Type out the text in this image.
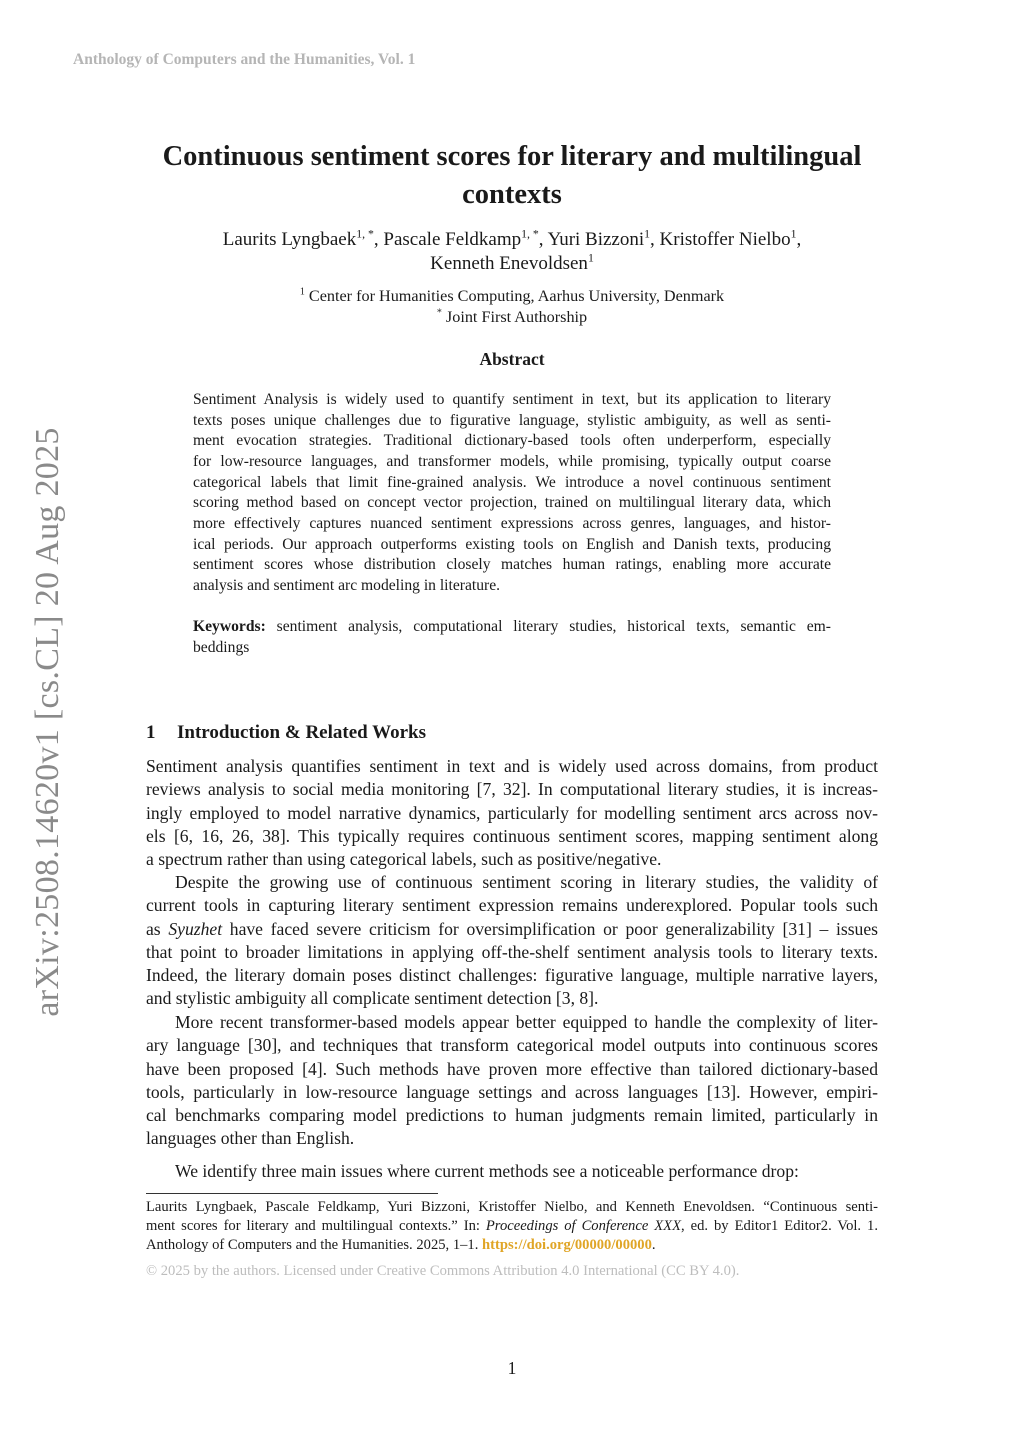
Anthology of Computers and the Humanities, Vol. 1
arXiv:2508.14620v1 [cs.CL] 20 Aug 2025
Continuous sentiment scores for literary and multilingual
contexts
Laurits Lyngbaek$^{1, *}$, Pascale Feldkamp$^{1, *}$, Yuri Bizzoni$^1$, Kristoffer Nielbo$^1$,
Kenneth Enevoldsen$^1$
$^1$ Center for Humanities Computing, Aarhus University, Denmark
* Joint First Authorship
Abstract
Sentiment Analysis is widely used to quantify sentiment in text, but its application to literary
texts poses unique challenges due to figurative language, stylistic ambiguity, as well as senti-
ment evocation strategies. Traditional dictionary-based tools often underperform, especially
for low-resource languages, and transformer models, while promising, typically output coarse
categorical labels that limit fine-grained analysis. We introduce a novel continuous sentiment
scoring method based on concept vector projection, trained on multilingual literary data, which
more effectively captures nuanced sentiment expressions across genres, languages, and histor-
ical periods. Our approach outperforms existing tools on English and Danish texts, producing
sentiment scores whose distribution closely matches human ratings, enabling more accurate
analysis and sentiment arc modeling in literature.
Keywords: sentiment analysis, computational literary studies, historical texts, semantic em-
beddings
1 Introduction & Related Works
Sentiment analysis quantifies sentiment in text and is widely used across domains, from product
reviews analysis to social media monitoring [7, 32]. In computational literary studies, it is increas-
ingly employed to model narrative dynamics, particularly for modelling sentiment arcs across nov-
els [6, 16, 26, 38]. This typically requires continuous sentiment scores, mapping sentiment along
a spectrum rather than using categorical labels, such as positive/negative.
Despite the growing use of continuous sentiment scoring in literary studies, the validity of
current tools in capturing literary sentiment expression remains underexplored. Popular tools such
as Syuzhet have faced severe criticism for oversimplification or poor generalizability [31] – issues
that point to broader limitations in applying off-the-shelf sentiment analysis tools to literary texts.
Indeed, the literary domain poses distinct challenges: figurative language, multiple narrative layers,
and stylistic ambiguity all complicate sentiment detection [3, 8].
More recent transformer-based models appear better equipped to handle the complexity of liter-
ary language [30], and techniques that transform categorical model outputs into continuous scores
have been proposed [4]. Such methods have proven more effective than tailored dictionary-based
tools, particularly in low-resource language settings and across languages [13]. However, empiri-
cal benchmarks comparing model predictions to human judgments remain limited, particularly in
languages other than English.
We identify three main issues where current methods see a noticeable performance drop:
Laurits Lyngbaek, Pascale Feldkamp, Yuri Bizzoni, Kristoffer Nielbo, and Kenneth Enevoldsen. “Continuous senti-
ment scores for literary and multilingual contexts.” In: Proceedings of Conference XXX, ed. by Editor1 Editor2. Vol. 1.
Anthology of Computers and the Humanities. 2025, 1–1. https://doi.org/00000/00000.
© 2025 by the authors. Licensed under Creative Commons Attribution 4.0 International (CC BY 4.0).
1
